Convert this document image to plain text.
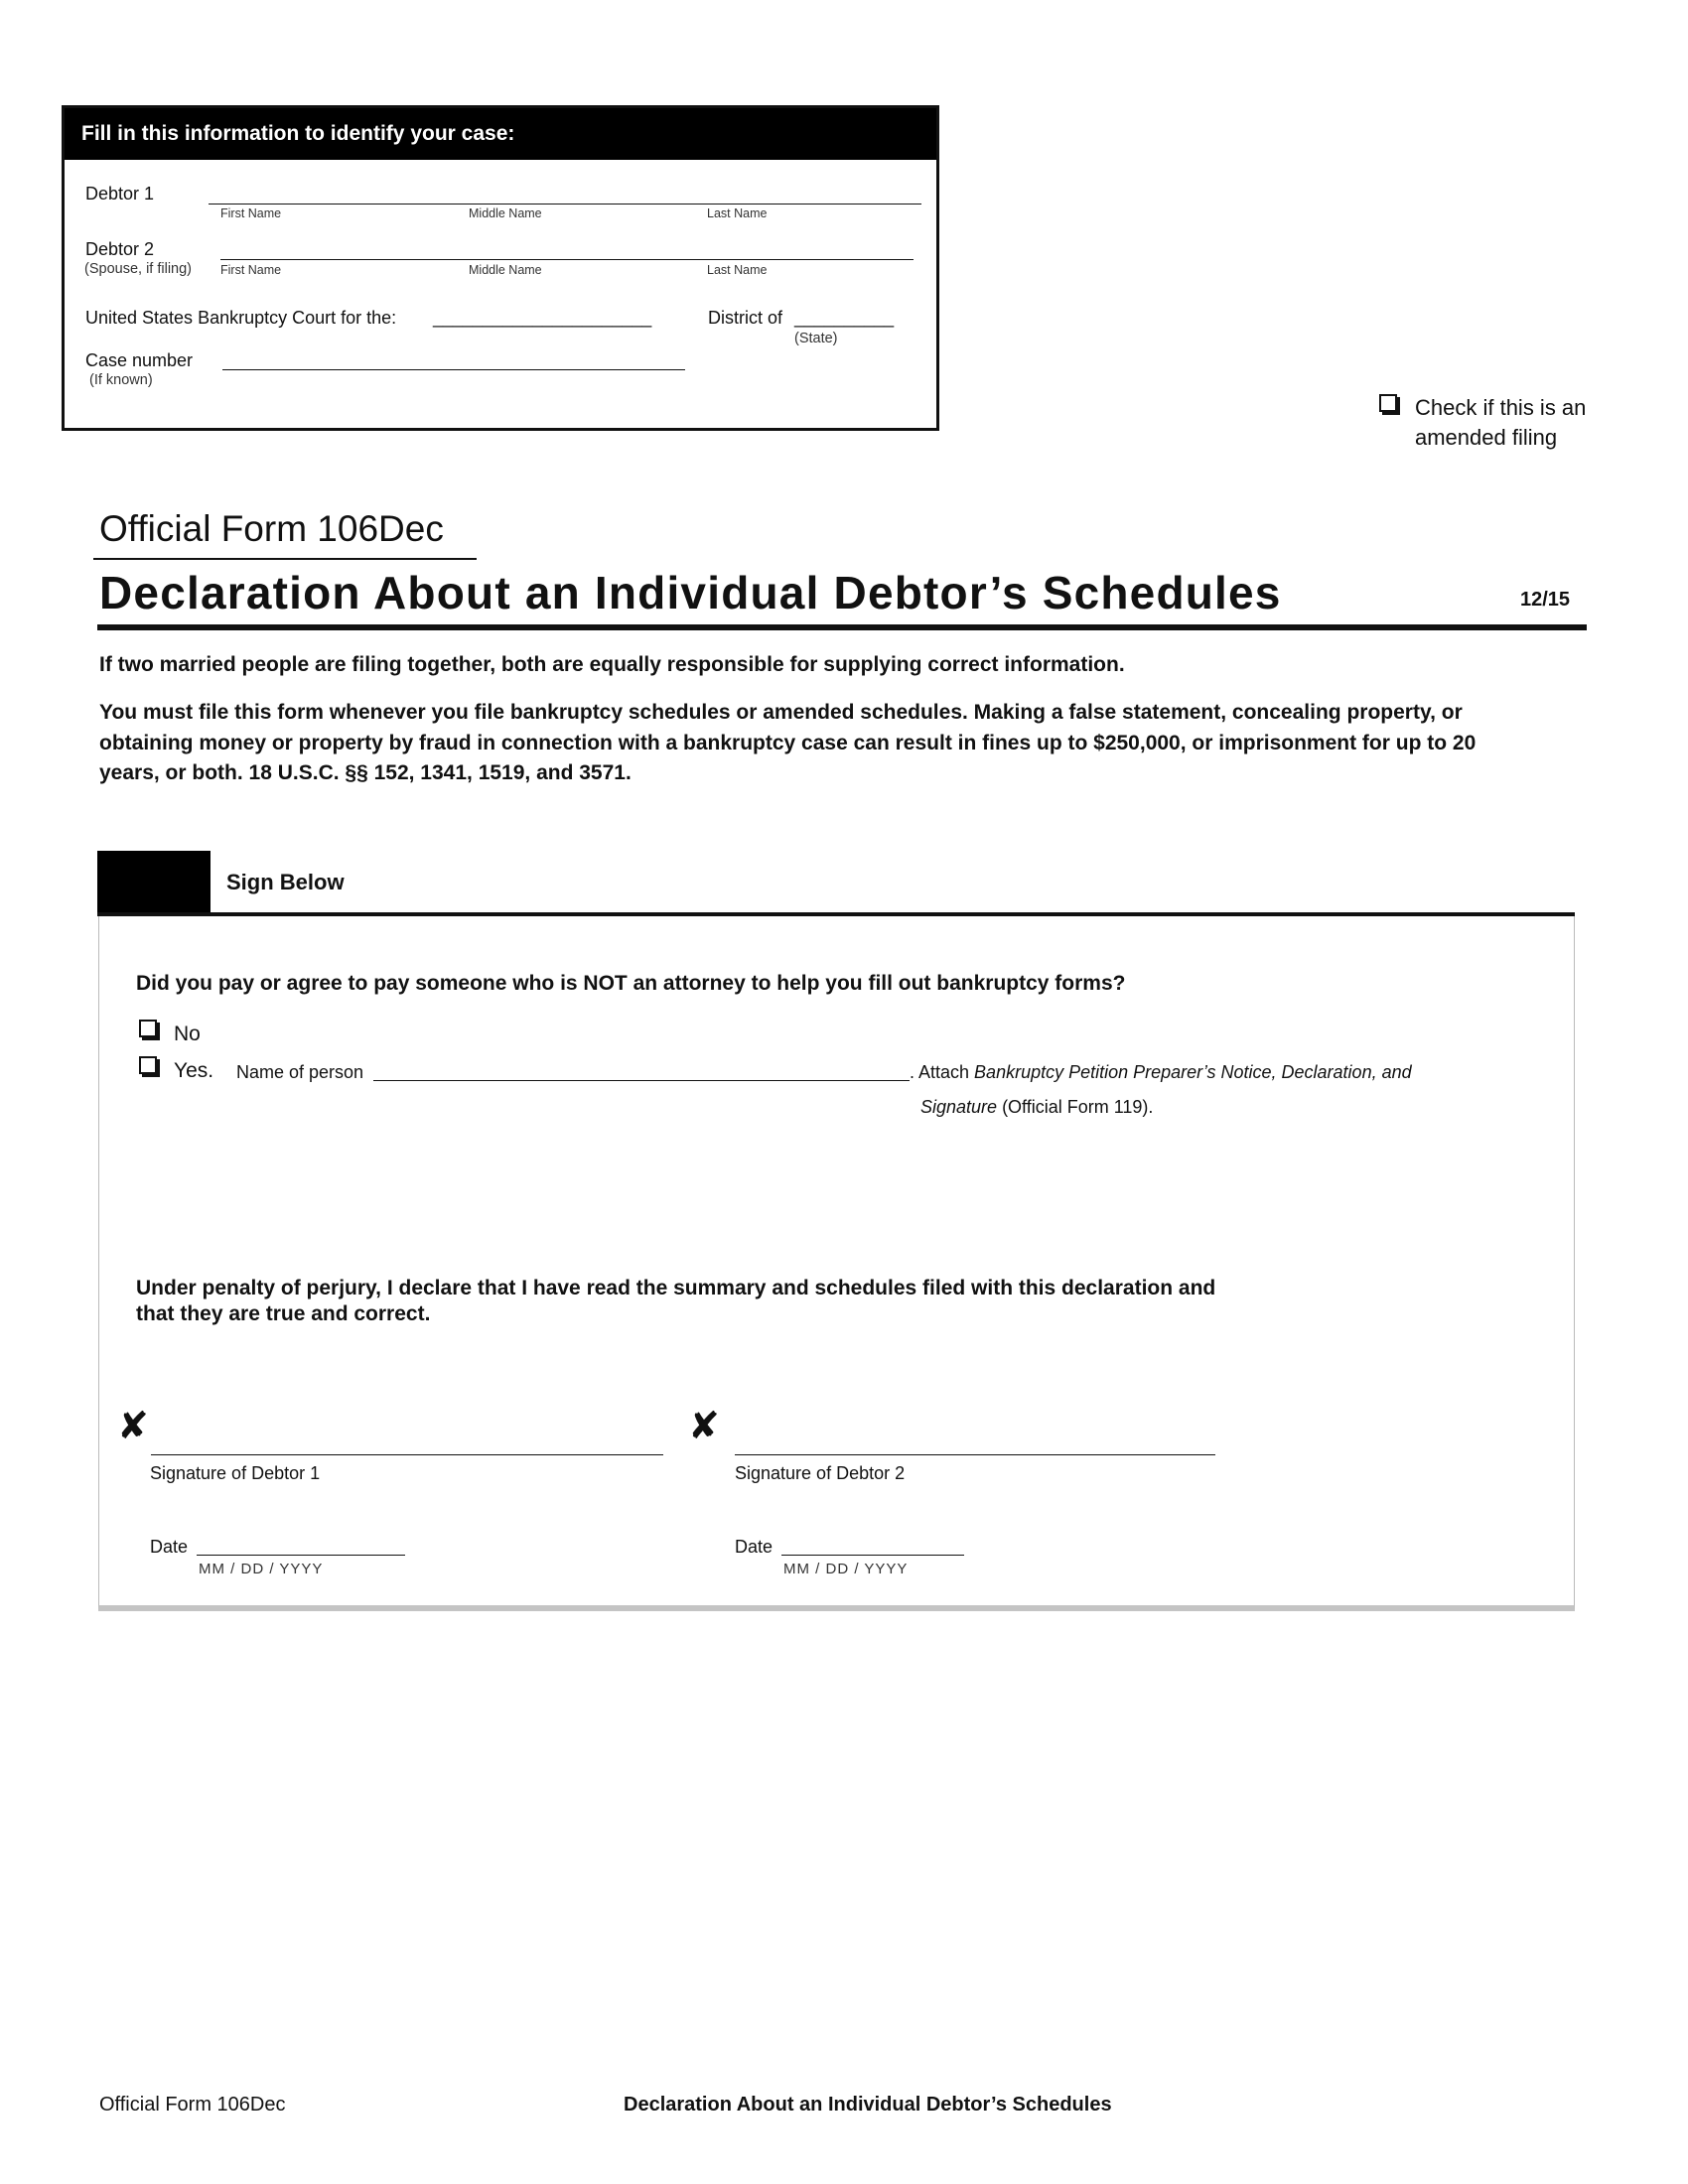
Fill in this information to identify your case:
Debtor 1
First Name	Middle Name	Last Name
Debtor 2
(Spouse, if filing) First Name	Middle Name	Last Name
United States Bankruptcy Court for the: ______________________	District of __________
(State)
Case number
(If known)
Check if this is an
amended filing
Official Form 106Dec
Declaration About an Individual Debtor’s Schedules	12/15
If two married people are filing together, both are equally responsible for supplying correct information.
You must file this form whenever you file bankruptcy schedules or amended schedules. Making a false statement, concealing property, or
obtaining money or property by fraud in connection with a bankruptcy case can result in fines up to $250,000, or imprisonment for up to 20
years, or both. 18 U.S.C. §§ 152, 1341, 1519, and 3571.
Sign Below
Did you pay or agree to pay someone who is NOT an attorney to help you fill out bankruptcy forms?
No
Yes. Name of person	. Attach Bankruptcy Petition Preparer’s Notice, Declaration, and
Signature (Official Form 119).
Under penalty of perjury, I declare that I have read the summary and schedules filed with this declaration and
that they are true and correct.
✘
Signature of Debtor 1
✘
Signature of Debtor 2
Date
MM / DD / YYYY
Date
MM / DD / YYYY
Official Form 106Dec	Declaration About an Individual Debtor’s Schedules
